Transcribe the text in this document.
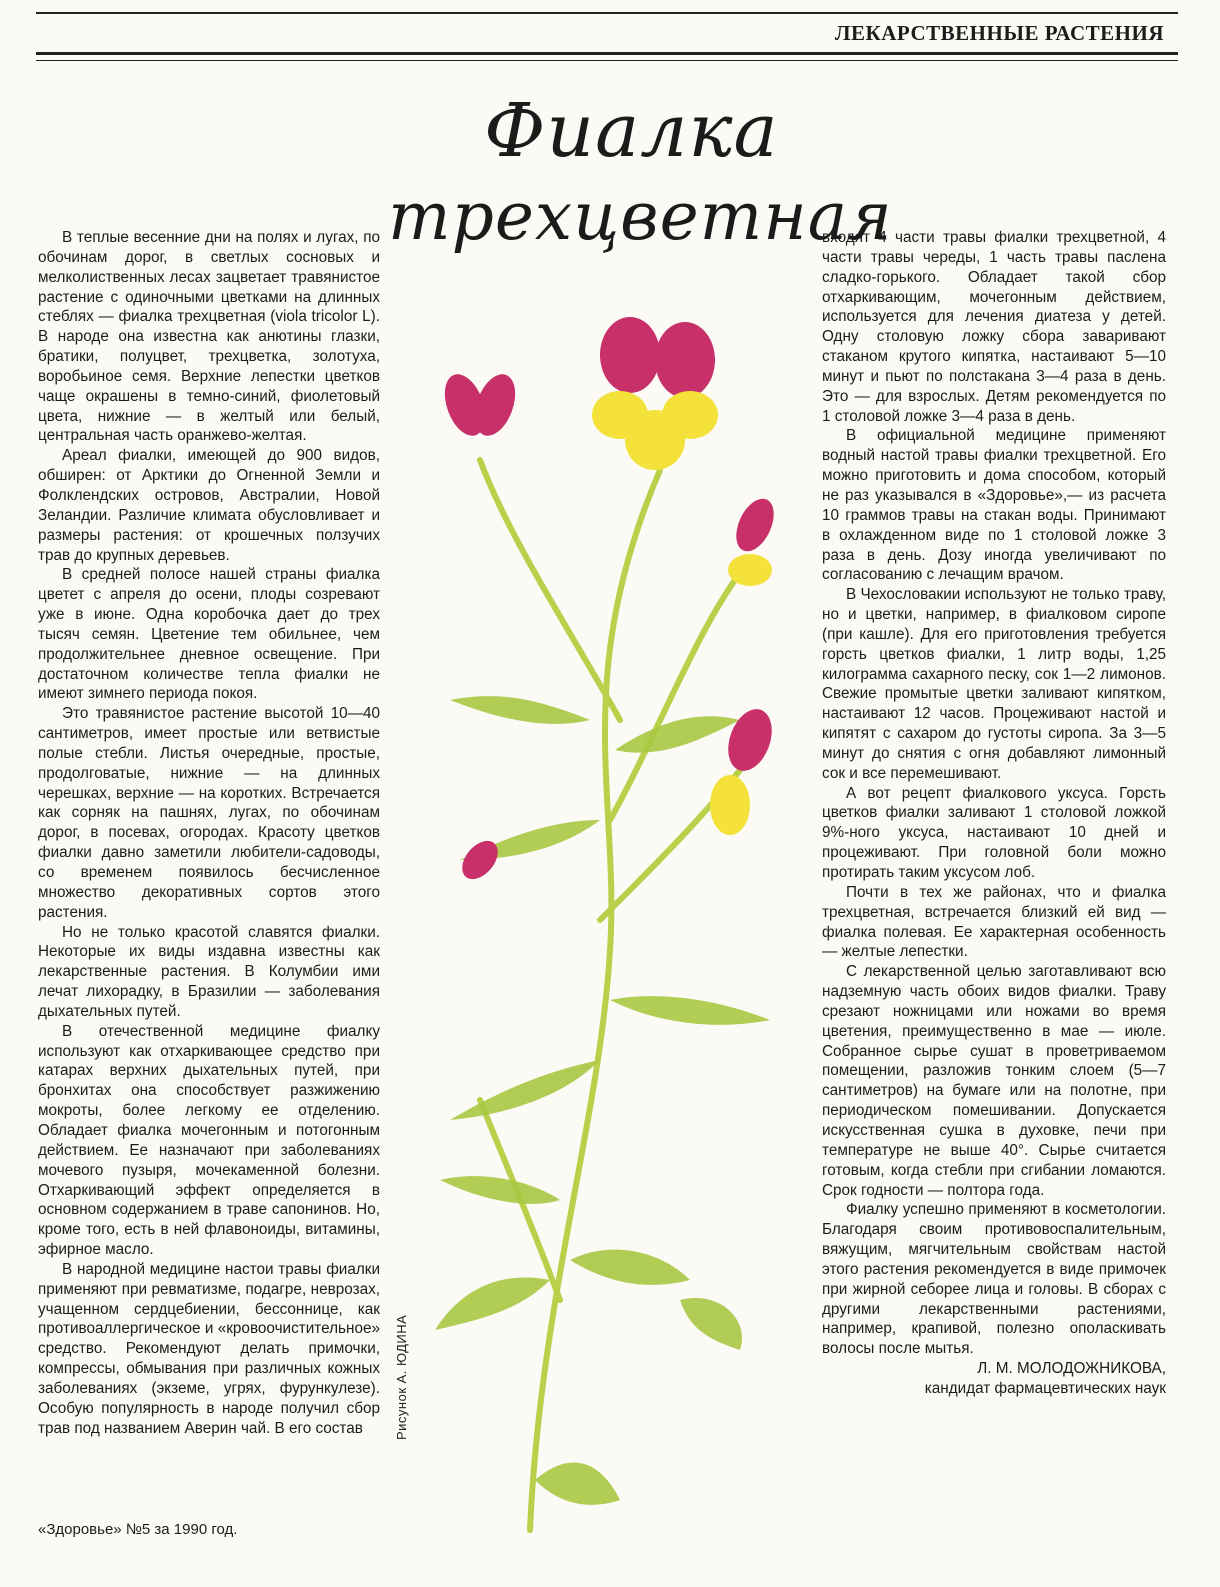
ЛЕКАРСТВЕННЫЕ РАСТЕНИЯ
Фиалка
трехцветная

В теплые весенние дни на полях и лугах, по обочинам дорог, в светлых сосновых и мелколиственных лесах зацветает травянистое растение с одиночными цветками на длинных стеблях — фиалка трехцветная (viola tricolor L). В народе она известна как анютины глазки, братики, полуцвет, трехцветка, золотуха, воробьиное семя. Верхние лепестки цветков чаще окрашены в темно-синий, фиолетовый цвета, нижние — в желтый или белый, центральная часть оранжево-желтая.

Ареал фиалки, имеющей до 900 видов, обширен: от Арктики до Огненной Земли и Фолклендских островов, Австралии, Новой Зеландии. Различие климата обусловливает и размеры растения: от крошечных ползучих трав до крупных деревьев.

В средней полосе нашей страны фиалка цветет с апреля до осени, плоды созревают уже в июне. Одна коробочка дает до трех тысяч семян. Цветение тем обильнее, чем продолжительнее дневное освещение. При достаточном количестве тепла фиалки не имеют зимнего периода покоя.

Это травянистое растение высотой 10—40 сантиметров, имеет простые или ветвистые полые стебли. Листья очередные, простые, продолговатые, нижние — на длинных черешках, верхние — на коротких. Встречается как сорняк на пашнях, лугах, по обочинам дорог, в посевах, огородах. Красоту цветков фиалки давно заметили любители-садоводы, со временем появилось бесчисленное множество декоративных сортов этого растения.

Но не только красотой славятся фиалки. Некоторые их виды издавна известны как лекарственные растения. В Колумбии ими лечат лихорадку, в Бразилии — заболевания дыхательных путей.

В отечественной медицине фиалку используют как отхаркивающее средство при катарах верхних дыхательных путей, при бронхитах она способствует разжижению мокроты, более легкому ее отделению. Обладает фиалка мочегонным и потогонным действием. Ее назначают при заболеваниях мочевого пузыря, мочекаменной болезни. Отхаркивающий эффект определяется в основном содержанием в траве сапонинов. Но, кроме того, есть в ней флавоноиды, витамины, эфирное масло.

В народной медицине настои травы фиалки применяют при ревматизме, подагре, неврозах, учащенном сердцебиении, бессоннице, как противоаллергическое и «кровоочистительное» средство. Рекомендуют делать примочки, компрессы, обмывания при различных кожных заболеваниях (экземе, угрях, фурункулезе). Особую популярность в народе получил сбор трав под названием Аверин чай. В его состав

входят 4 части травы фиалки трехцветной, 4 части травы череды, 1 часть травы паслена сладко-горького. Обладает такой сбор отхаркивающим, мочегонным действием, используется для лечения диатеза у детей. Одну столовую ложку сбора заваривают стаканом крутого кипятка, настаивают 5—10 минут и пьют по полстакана 3—4 раза в день. Это — для взрослых. Детям рекомендуется по 1 столовой ложке 3—4 раза в день.

В официальной медицине применяют водный настой травы фиалки трехцветной. Его можно приготовить и дома способом, который не раз указывался в «Здоровье»,— из расчета 10 граммов травы на стакан воды. Принимают в охлажденном виде по 1 столовой ложке 3 раза в день. Дозу иногда увеличивают по согласованию с лечащим врачом.

В Чехословакии используют не только траву, но и цветки, например, в фиалковом сиропе (при кашле). Для его приготовления требуется горсть цветков фиалки, 1 литр воды, 1,25 килограмма сахарного песку, сок 1—2 лимонов. Свежие промытые цветки заливают кипятком, настаивают 12 часов. Процеживают настой и кипятят с сахаром до густоты сиропа. За 3—5 минут до снятия с огня добавляют лимонный сок и все перемешивают.

А вот рецепт фиалкового уксуса. Горсть цветков фиалки заливают 1 столовой ложкой 9%-ного уксуса, настаивают 10 дней и процеживают. При головной боли можно протирать таким уксусом лоб.

Почти в тех же районах, что и фиалка трехцветная, встречается близкий ей вид — фиалка полевая. Ее характерная особенность — желтые лепестки.

С лекарственной целью заготавливают всю надземную часть обоих видов фиалки. Траву срезают ножницами или ножами во время цветения, преимущественно в мае — июле. Собранное сырье сушат в проветриваемом помещении, разложив тонким слоем (5—7 сантиметров) на бумаге или на полотне, при периодическом помешивании. Допускается искусственная сушка в духовке, печи при температуре не выше 40°. Сырье считается готовым, когда стебли при сгибании ломаются. Срок годности — полтора года.

Фиалку успешно применяют в косметологии. Благодаря своим противовоспалительным, вяжущим, мягчительным свойствам настой этого растения рекомендуется в виде примочек при жирной себорее лица и головы. В сборах с другими лекарственными растениями, например, крапивой, полезно ополаскивать волосы после мытья.

Л. М. МОЛОДОЖНИКОВА,

кандидат фармацевтических наук

Рисунок А. ЮДИНА
«Здоровье» №5 за 1990 год.
